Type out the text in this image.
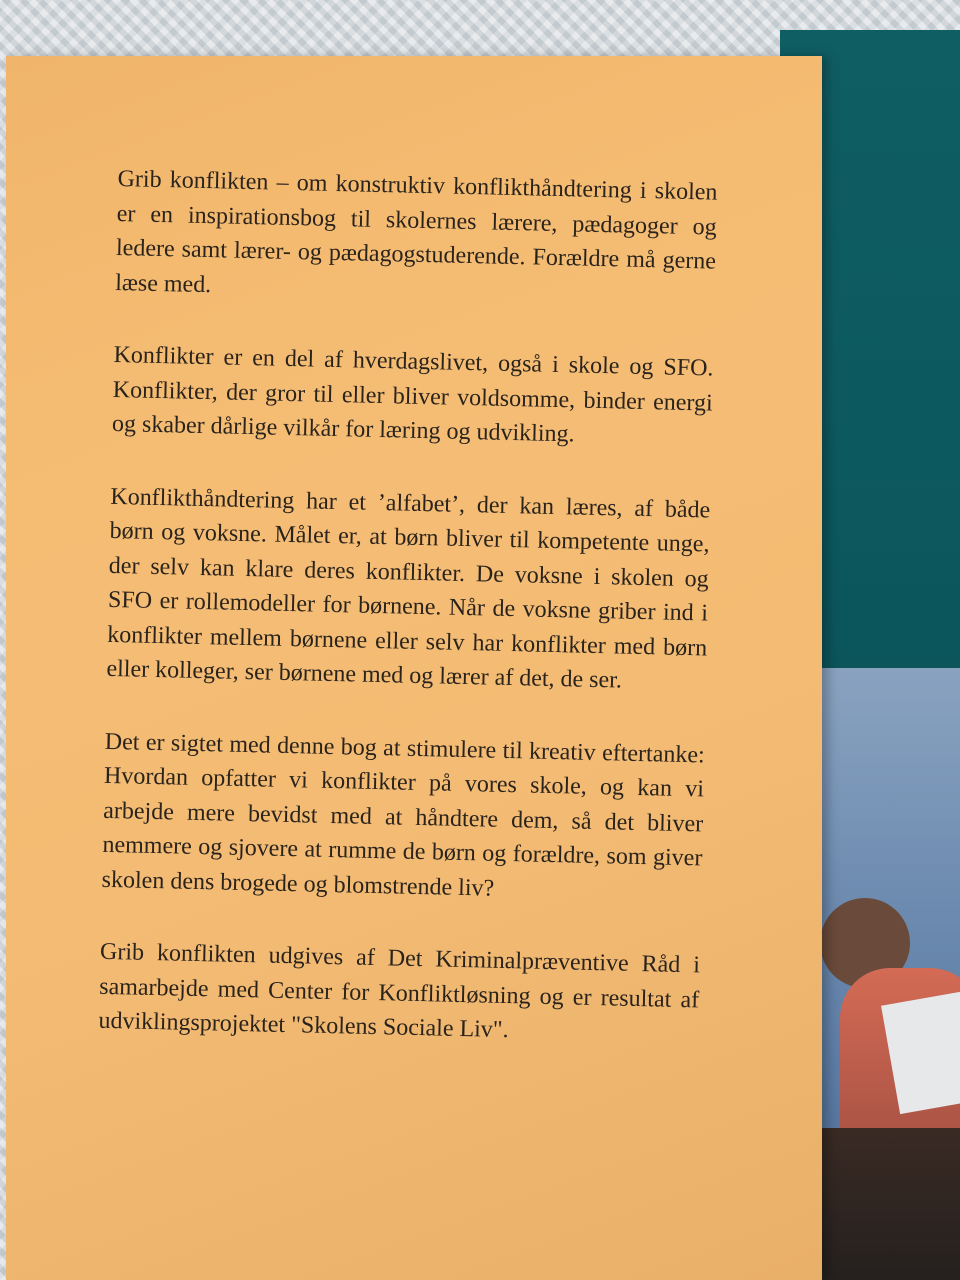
Grib konflikten – om konstruktiv konflikthåndtering i skolen er en inspirationsbog til skolernes lærere, pædagoger og ledere samt lærer- og pædagogstuderende. Forældre må gerne læse med.

Konflikter er en del af hverdagslivet, også i skole og SFO. Konflikter, der gror til eller bliver voldsomme, binder energi og skaber dårlige vilkår for læring og udvikling.

Konflikthåndtering har et ’alfabet’, der kan læres, af både børn og voksne. Målet er, at børn bliver til kompetente unge, der selv kan klare deres konflikter. De voksne i skolen og SFO er rollemodeller for børnene. Når de voksne griber ind i konflikter mellem børnene eller selv har konflikter med børn eller kolleger, ser børnene med og lærer af det, de ser.

Det er sigtet med denne bog at stimulere til kreativ eftertanke: Hvordan opfatter vi konflikter på vores skole, og kan vi arbejde mere bevidst med at håndtere dem, så det bliver nemmere og sjovere at rumme de børn og forældre, som giver skolen dens brogede og blomstrende liv?

Grib konflikten udgives af Det Kriminalpræventive Råd i samarbejde med Center for Konfliktløsning og er resultat af udviklingsprojektet "Skolens Sociale Liv".
